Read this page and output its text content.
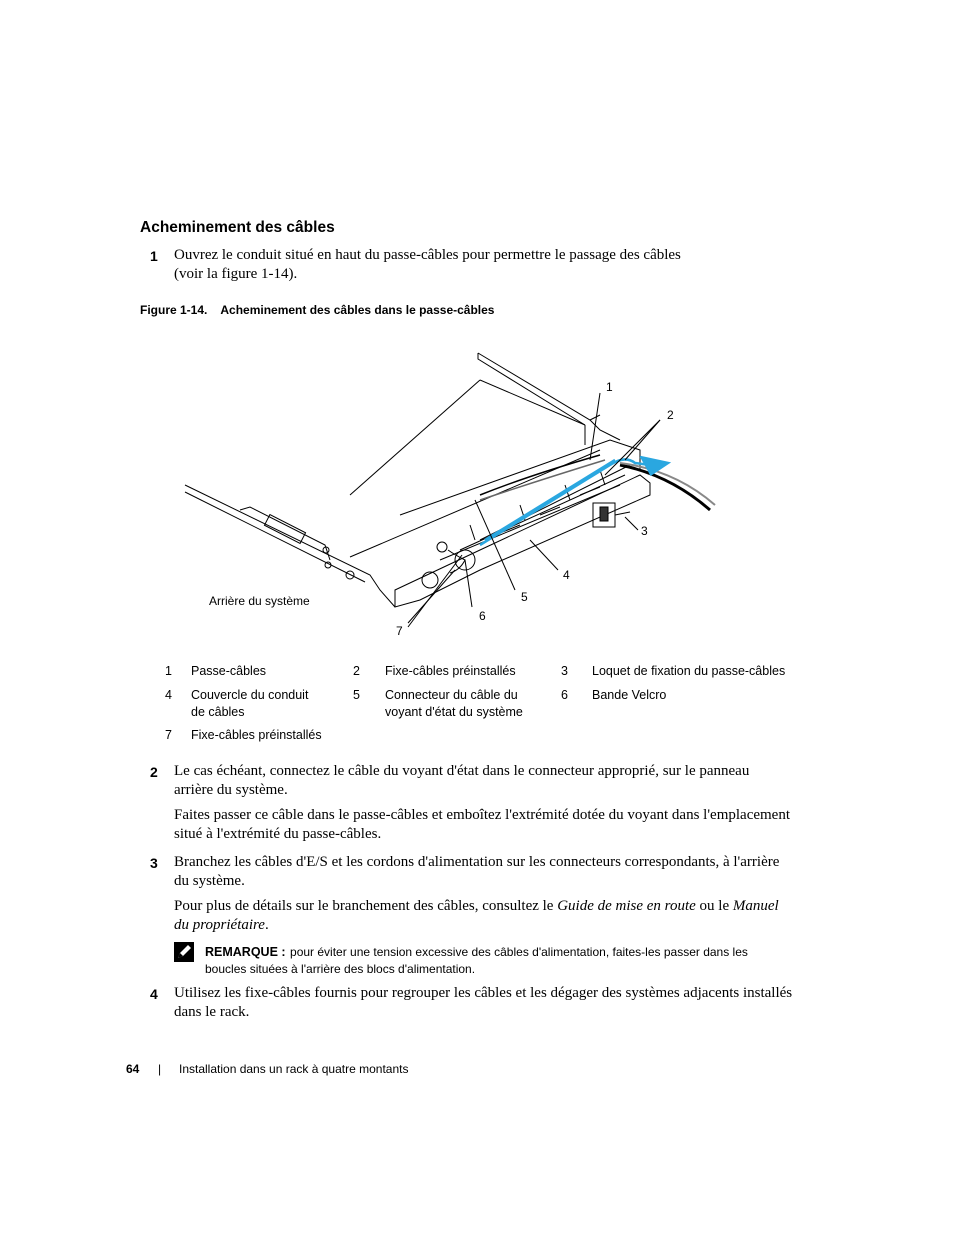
Acheminement des câbles
1 Ouvrez le conduit situé en haut du passe-câbles pour permettre le passage des câbles
(voir la figure 1-14).
Figure 1-14. Acheminement des câbles dans le passe-câbles
1
2
3
4
5
6
7
Arrière du système
1 Passe-câbles	2 Fixe-câbles préinstallés	3 Loquet de fixation du passe-câbles
4 Couvercle du conduit
de câbles
5 Connecteur du câble du
voyant d'état du système
6 Bande Velcro
7 Fixe-câbles préinstallés
2 Le cas échéant, connectez le câble du voyant d'état dans le connecteur approprié, sur le panneau
arrière du système.
Faites passer ce câble dans le passe-câbles et emboîtez l'extrémité dotée du voyant dans l'emplacement
situé à l'extrémité du passe-câbles.
3 Branchez les câbles d'E/S et les cordons d'alimentation sur les connecteurs correspondants, à l'arrière
du système.
Pour plus de détails sur le branchement des câbles, consultez le Guide de mise en route ou le Manuel
du propriétaire.
REMARQUE : pour éviter une tension excessive des câbles d'alimentation, faites-les passer dans les
boucles situées à l'arrière des blocs d'alimentation.
4 Utilisez les fixe-câbles fournis pour regrouper les câbles et les dégager des systèmes adjacents installés
dans le rack.
64 | Installation dans un rack à quatre montants
